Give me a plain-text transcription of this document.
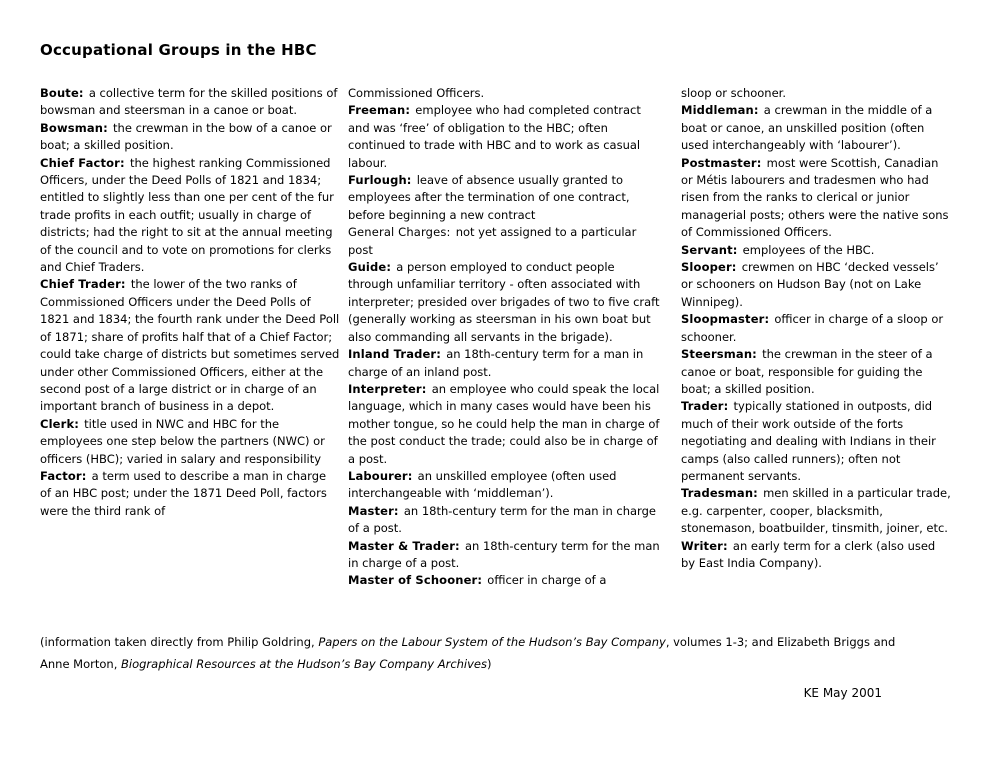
Occupational Groups in the HBC
Boute: a collective term for the skilled positions of bowsman and steersman in a canoe or boat.
Bowsman: the crewman in the bow of a canoe or boat; a skilled position.
Chief Factor: the highest ranking Commissioned Officers, under the Deed Polls of 1821 and 1834; entitled to slightly less than one per cent of the fur trade profits in each outfit; usually in charge of districts; had the right to sit at the annual meeting of the council and to vote on promotions for clerks and Chief Traders.
Chief Trader: the lower of the two ranks of Commissioned Officers under the Deed Polls of 1821 and 1834; the fourth rank under the Deed Poll of 1871; share of profits half that of a Chief Factor; could take charge of districts but sometimes served under other Commissioned Officers, either at the second post of a large district or in charge of an important branch of business in a depot.
Clerk: title used in NWC and HBC for the employees one step below the partners (NWC) or officers (HBC); varied in salary and responsibility
Factor: a term used to describe a man in charge of an HBC post; under the 1871 Deed Poll, factors were the third rank of
Commissioned Officers.
Freeman: employee who had completed contract and was ‘free’ of obligation to the HBC; often continued to trade with HBC and to work as casual labour.
Furlough: leave of absence usually granted to employees after the termination of one contract, before beginning a new contract
General Charges: not yet assigned to a particular post
Guide: a person employed to conduct people through unfamiliar territory - often associated with interpreter; presided over brigades of two to five craft (generally working as steersman in his own boat but also commanding all servants in the brigade).
Inland Trader: an 18th-century term for a man in charge of an inland post.
Interpreter: an employee who could speak the local language, which in many cases would have been his mother tongue, so he could help the man in charge of the post conduct the trade; could also be in charge of a post.
Labourer: an unskilled employee (often used interchangeable with ‘middleman’).
Master: an 18th-century term for the man in charge of a post.
Master & Trader: an 18th-century term for the man in charge of a post.
Master of Schooner: officer in charge of a
sloop or schooner.
Middleman: a crewman in the middle of a boat or canoe, an unskilled position (often used interchangeably with ‘labourer’).
Postmaster: most were Scottish, Canadian or Métis labourers and tradesmen who had risen from the ranks to clerical or junior managerial posts; others were the native sons of Commissioned Officers.
Servant: employees of the HBC.
Slooper: crewmen on HBC ‘decked vessels’ or schooners on Hudson Bay (not on Lake Winnipeg).
Sloopmaster: officer in charge of a sloop or schooner.
Steersman: the crewman in the steer of a canoe or boat, responsible for guiding the boat; a skilled position.
Trader: typically stationed in outposts, did much of their work outside of the forts negotiating and dealing with Indians in their camps (also called runners); often not permanent servants.
Tradesman: men skilled in a particular trade, e.g. carpenter, cooper, blacksmith, stonemason, boatbuilder, tinsmith, joiner, etc.
Writer: an early term for a clerk (also used by East India Company).
(information taken directly from Philip Goldring, Papers on the Labour System of the Hudson’s Bay Company, volumes 1-3; and Elizabeth Briggs and Anne Morton, Biographical Resources at the Hudson’s Bay Company Archives)
KE May 2001
